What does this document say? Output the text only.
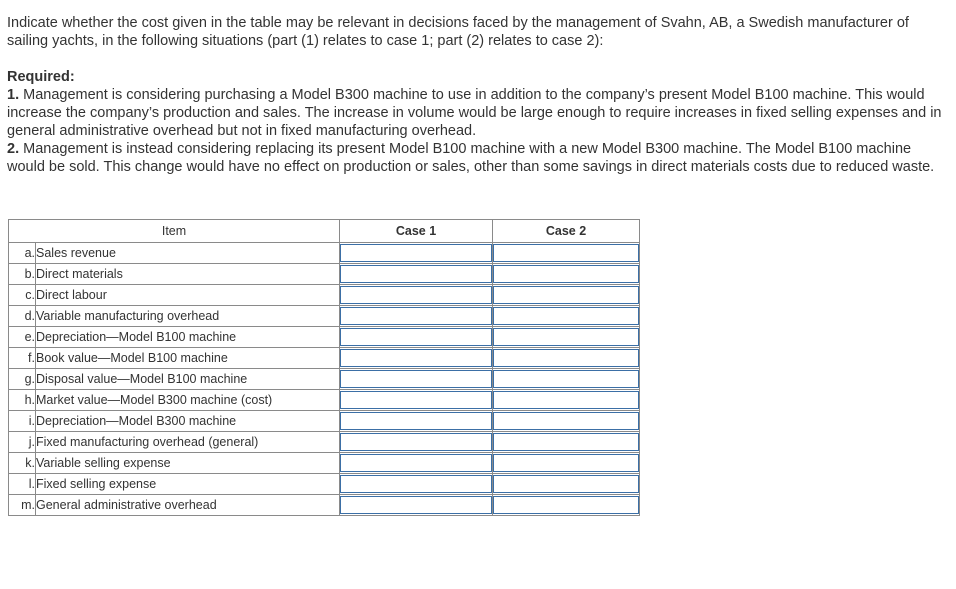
Indicate whether the cost given in the table may be relevant in decisions faced by the management of Svahn, AB, a Swedish manufacturer of sailing yachts, in the following situations (part (1) relates to case 1; part (2) relates to case 2):

Required:

1. Management is considering purchasing a Model B300 machine to use in addition to the company’s present Model B100 machine. This would increase the company’s production and sales. The increase in volume would be large enough to require increases in fixed selling expenses and in general administrative overhead but not in fixed manufacturing overhead.

2. Management is instead considering replacing its present Model B100 machine with a new Model B300 machine. The Model B100 machine would be sold. This change would have no effect on production or sales, other than some savings in direct materials costs due to reduced waste.

Item		Case 1	Case 2
a.	Sales revenue	

b.	Direct materials	

c.	Direct labour	

d.	Variable manufacturing overhead	

e.	Depreciation—Model B100 machine	

f.	Book value—Model B100 machine	

g.	Disposal value—Model B100 machine	

h.	Market value—Model B300 machine (cost)	

i.	Depreciation—Model B300 machine	

j.	Fixed manufacturing overhead (general)	

k.	Variable selling expense	

l.	Fixed selling expense	

m.	General administrative overhead	
